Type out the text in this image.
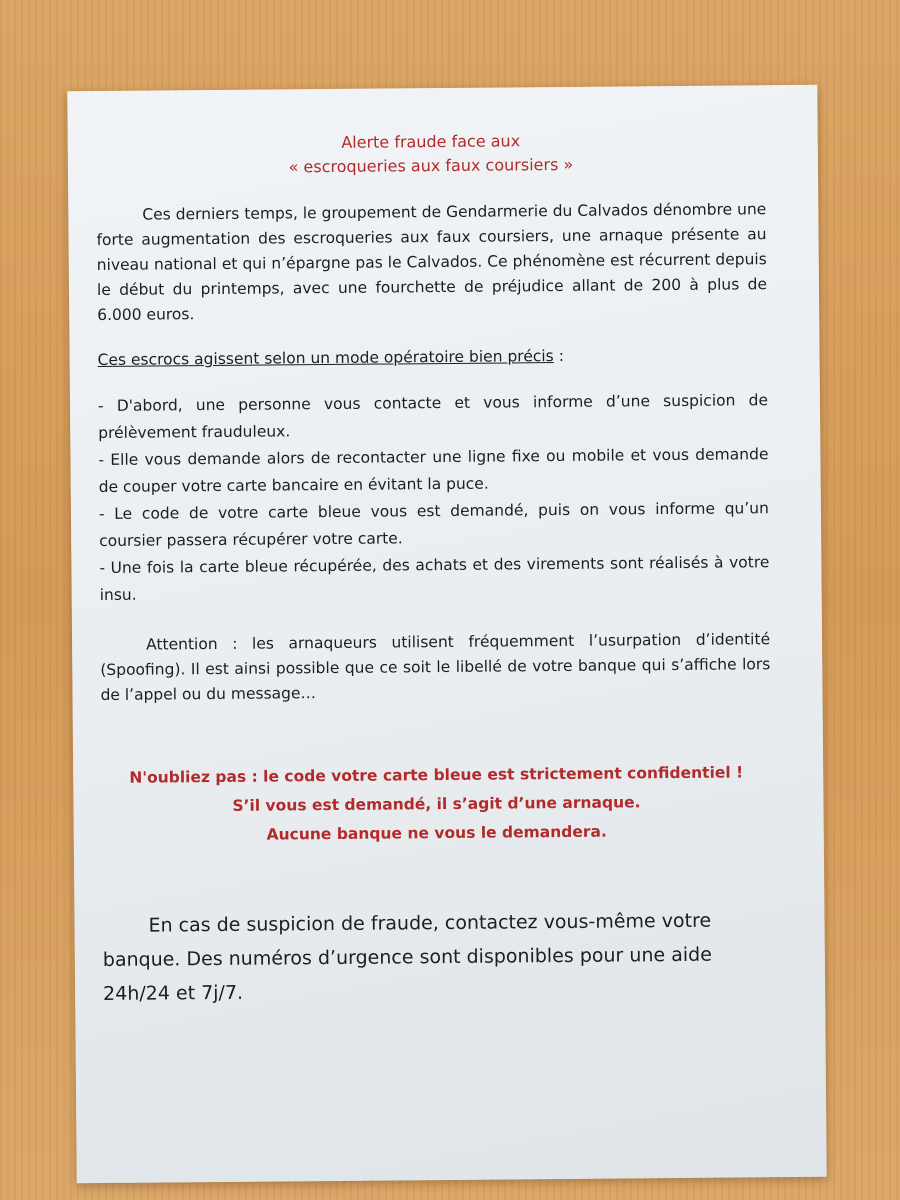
Alerte fraude face aux

« escroqueries aux faux coursiers »

Ces derniers temps, le groupement de Gendarmerie du Calvados dénombre une forte augmentation des escroqueries aux faux coursiers, une arnaque présente au niveau national et qui n’épargne pas le Calvados. Ce phénomène est récurrent depuis le début du printemps, avec une fourchette de préjudice allant de 200 à plus de 6.000 euros.

Ces escrocs agissent selon un mode opératoire bien précis :

- D'abord, une personne vous contacte et vous informe d’une suspicion de prélèvement frauduleux.
- Elle vous demande alors de recontacter une ligne fixe ou mobile et vous demande de couper votre carte bancaire en évitant la puce.
- Le code de votre carte bleue vous est demandé, puis on vous informe qu’un coursier passera récupérer votre carte.
- Une fois la carte bleue récupérée, des achats et des virements sont réalisés à votre insu.

Attention : les arnaqueurs utilisent fréquemment l’usurpation d’identité (Spoofing). Il est ainsi possible que ce soit le libellé de votre banque qui s’affiche lors de l’appel ou du message…

N'oubliez pas : le code votre carte bleue est strictement confidentiel !
S’il vous est demandé, il s’agit d’une arnaque.
Aucune banque ne vous le demandera.

En cas de suspicion de fraude, contactez vous-même votre banque. Des numéros d’urgence sont disponibles pour une aide 24h/24 et 7j/7.
